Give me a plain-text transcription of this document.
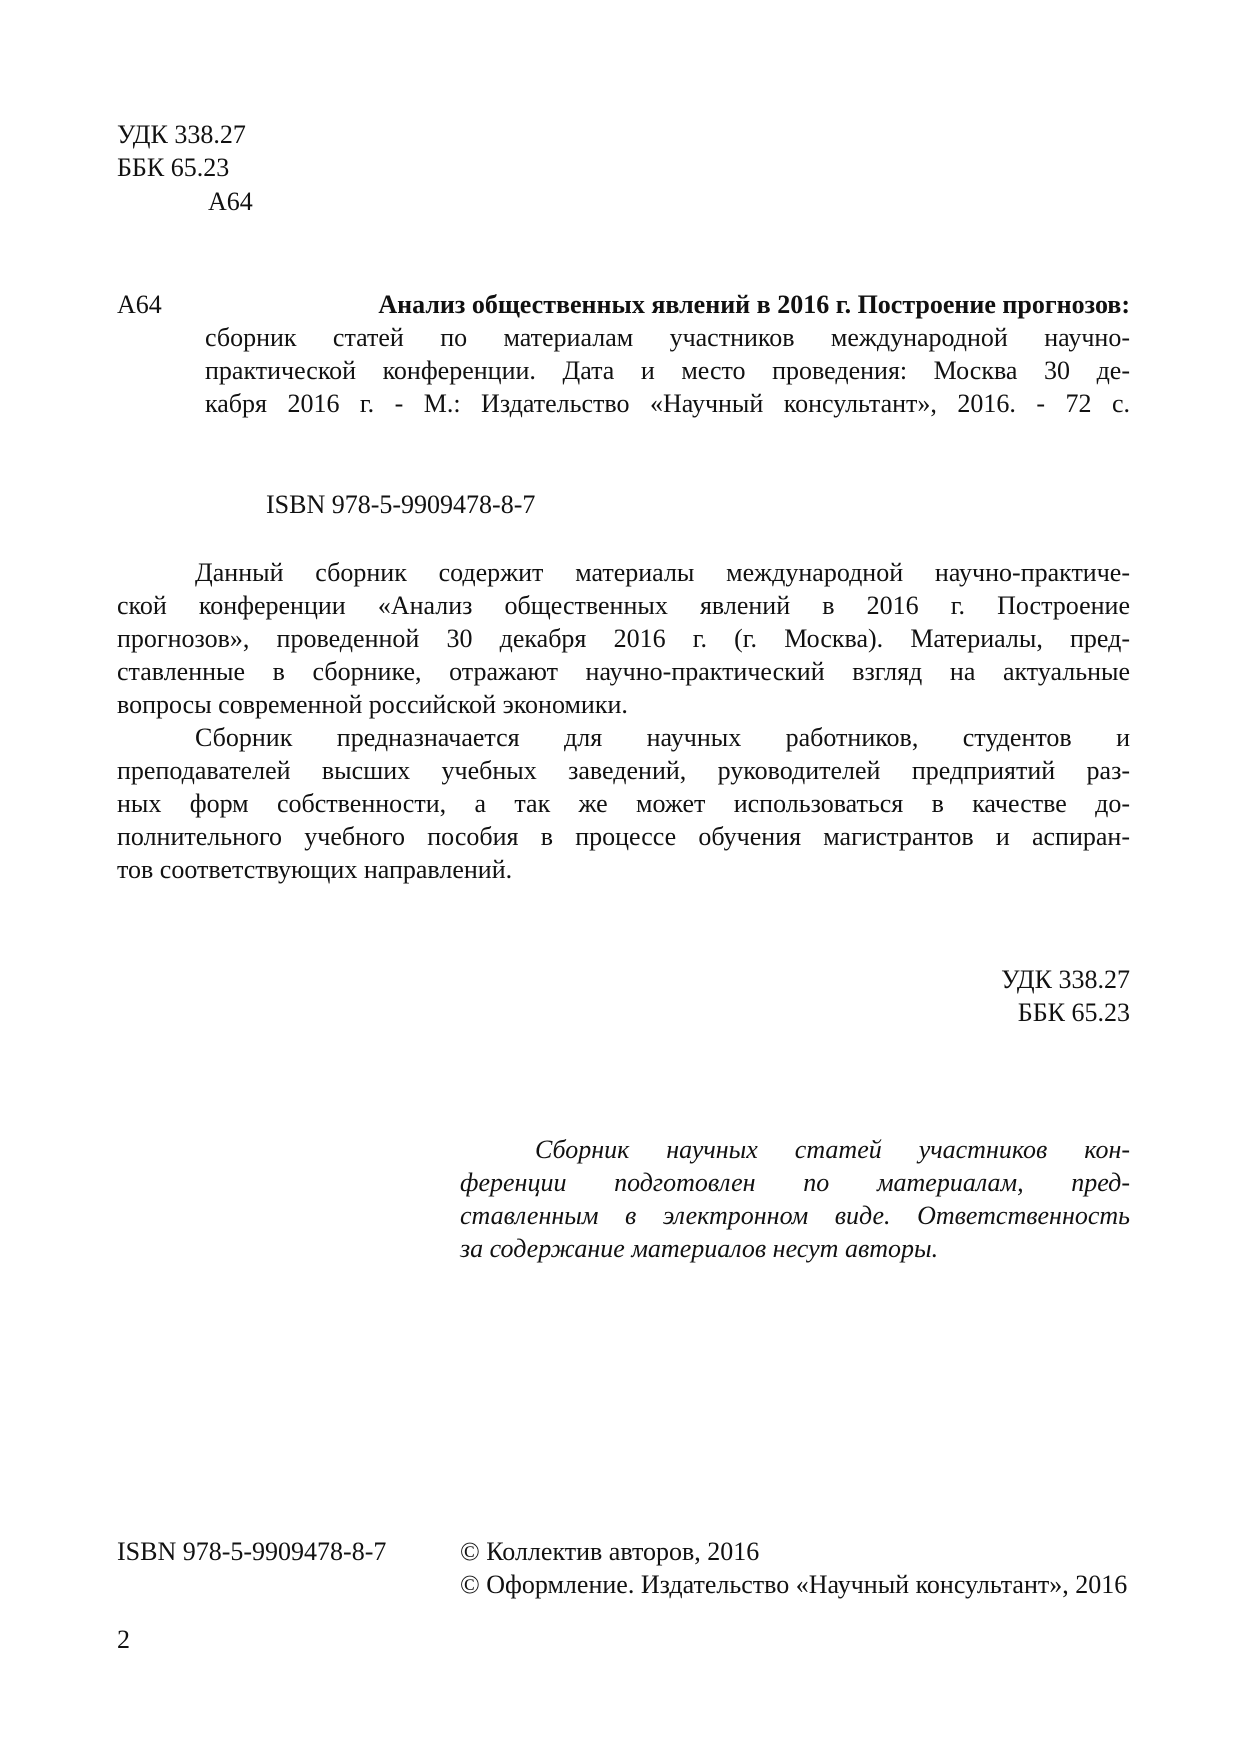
УДК 338.27
ББК 65.23
А64
А64	Анализ общественных явлений в 2016 г. Построение прогнозов:
сборник статей по материалам участников международной научно-
практической конференции. Дата и место проведения: Москва 30 де-
кабря 2016 г. - М.: Издательство «Научный консультант», 2016. - 72 с.
ISBN 978-5-9909478-8-7
Данный сборник содержит материалы международной научно-практиче-
ской конференции «Анализ общественных явлений в 2016 г. Построение
прогнозов», проведенной 30 декабря 2016 г. (г. Москва). Материалы, пред-
ставленные в сборнике, отражают научно-практический взгляд на актуальные
вопросы современной российской экономики.
Сборник предназначается для научных работников, студентов и
преподавателей высших учебных заведений, руководителей предприятий раз-
ных форм собственности, а так же может использоваться в качестве до-
полнительного учебного пособия в процессе обучения магистрантов и аспиран-
тов соответствующих направлений.
УДК 338.27
ББК 65.23
Сборник научных статей участников кон-
ференции подготовлен по материалам, пред-
ставленным в электронном виде. Ответственность
за содержание материалов несут авторы.
ISBN 978-5-9909478-8-7	© Коллектив авторов, 2016
© Оформление. Издательство «Научный консультант», 2016
2
